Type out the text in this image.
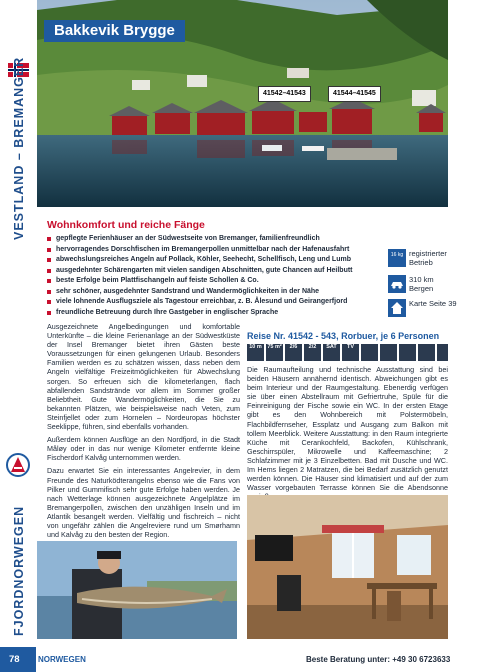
VESTLAND – BREMANGER
FJORDNORWEGEN
Bakkevik Brygge
41542–41543	41544–41545
Wohnkomfort und reiche Fänge
gepflegte Ferienhäuser an der Südwestseite von Bremanger, familienfreundlich
hervorragendes Dorschfischen im Bremangerpollen unmittelbar nach der Hafenausfahrt
abwechslungsreiches Angeln auf Pollack, Köhler, Seehecht, Schellfisch, Leng und Lumb
ausgedehnter Schärengarten mit vielen sandigen Abschnitten, gute Chancen auf Heilbutt
beste Erfolge beim Plattfischangeln auf feiste Schollen & Co.
sehr schöner, ausgedehnter Sandstrand und Wandermöglichkeiten in der Nähe
viele lohnende Ausflugsziele als Tagestour erreichbar, z. B. Ålesund und Geirangerfjord
freundliche Betreuung durch Ihre Gastgeber in englischer Sprache
16 kg registrierter Betrieb
310 km Bergen
Karte Seite 39

Ausgezeichnete Angelbedingungen und komfortable Unterkünfte – die kleine Ferienanlage an der Südwestküste der Insel Bremanger bietet ihren Gästen beste Voraussetzungen für einen gelungenen Urlaub. Besonders Familien werden es zu schätzen wissen, dass neben dem Angeln vielfältige Freizeitmöglichkeiten für Abwechslung sorgen. So erfreuen sich die kilometerlangen, flach abfallenden Sandstrände vor allem im Sommer großer Beliebtheit. Gute Wandermöglichkeiten, die Sie zu bekannten Plätzen, wie beispielsweise nach Veten, zum Steinfjellet oder zum Hornelen – Nordeuropas höchster Seeklippe, führen, sind ebenfalls vorhanden.

Außerdem können Ausflüge an den Nordfjord, in die Stadt Måløy oder in das nur wenige Kilometer entfernte kleine Fischerdorf Kalvåg unternommen werden.

Dazu erwartet Sie ein interessantes Angelrevier, in dem Freunde des Naturködterangelns ebenso wie die Fans von Pilker und Gummifisch sehr gute Erfolge haben werden. Je nach Wetterlage können ausgezeichnete Angelplätze im Bremangerpollen, zwischen den unzähligen Inseln und im Atlantik besangelt werden. Vielfältig und fischreich – nicht von ungefähr zählen die Angelreviere rund um Smørhamn und Kalvåg zu den besten der Region.

Reise Nr. 41542 - 543, Rorbuer, je 6 Personen
10 m	75 m²	2/6	2/2	SAT	TV
Die Raumaufteilung und technische Ausstattung sind bei beiden Häusern annähernd identisch. Abweichungen gibt es beim Interieur und der Raumgestaltung. Ebenerdig verfügen sie über einen Abstellraum mit Gefriertruhe, Spüle für die Feinreinigung der Fische sowie ein WC. In der ersten Etage gibt es den Wohnbereich mit Polstermöbeln, Flachbildfernseher, Essplatz und Ausgang zum Balkon mit tollem Meerblick. Weitere Ausstattung: in den Raum integrierte Küche mit Cerankochfeld, Backofen, Kühlschrank, Geschirrspüler, Mikrowelle und Kaffeemaschine; 2 Schlafzimmer mit je 3 Einzelbetten. Bad mit Dusche und WC. Im Hems liegen 2 Matratzen, die bei Bedarf zusätzlich genutzt werden können. Die Häuser sind klimatisiert und auf der zum Wasser vorgebauten Terrasse können Sie die Abendsonne
78 NORWEGEN	Beste Beratung unter: +49 30 6723633
